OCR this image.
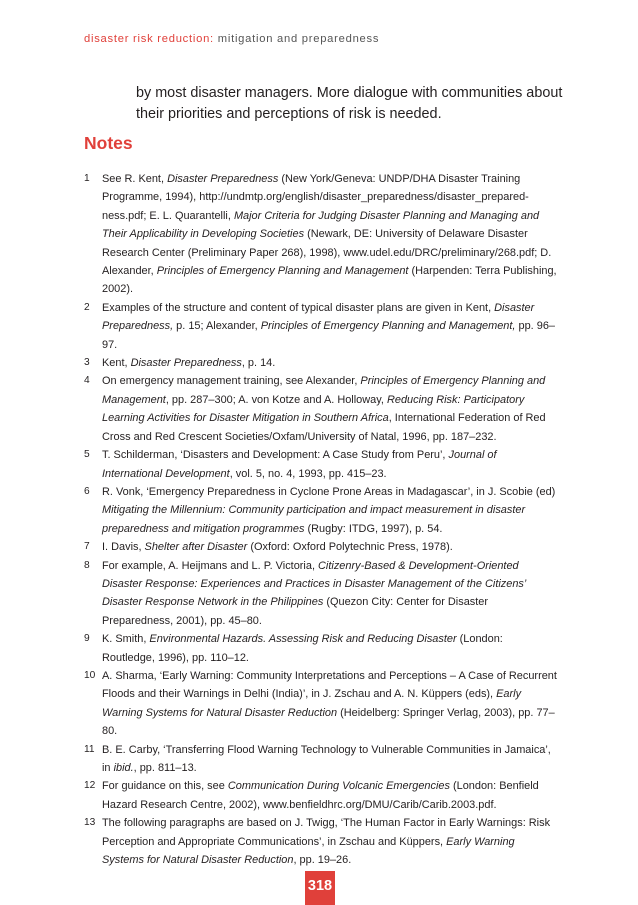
disaster risk reduction: mitigation and preparedness
by most disaster managers. More dialogue with communities about their priorities and perceptions of risk is needed.
Notes
1 See R. Kent, Disaster Preparedness (New York/Geneva: UNDP/DHA Disaster Training Programme, 1994), http://undmtp.org/english/disaster_preparedness/disaster_prepared-ness.pdf; E. L. Quarantelli, Major Criteria for Judging Disaster Planning and Managing and Their Applicability in Developing Societies (Newark, DE: University of Delaware Disaster Research Center (Preliminary Paper 268), 1998), www.udel.edu/DRC/preliminary/268.pdf; D. Alexander, Principles of Emergency Planning and Management (Harpenden: Terra Publishing, 2002).
2 Examples of the structure and content of typical disaster plans are given in Kent, Disaster Preparedness, p. 15; Alexander, Principles of Emergency Planning and Management, pp. 96–97.
3 Kent, Disaster Preparedness, p. 14.
4 On emergency management training, see Alexander, Principles of Emergency Planning and Management, pp. 287–300; A. von Kotze and A. Holloway, Reducing Risk: Participatory Learning Activities for Disaster Mitigation in Southern Africa, International Federation of Red Cross and Red Crescent Societies/Oxfam/University of Natal, 1996, pp. 187–232.
5 T. Schilderman, ‘Disasters and Development: A Case Study from Peru’, Journal of International Development, vol. 5, no. 4, 1993, pp. 415–23.
6 R. Vonk, ‘Emergency Preparedness in Cyclone Prone Areas in Madagascar’, in J. Scobie (ed) Mitigating the Millennium: Community participation and impact measurement in disaster preparedness and mitigation programmes (Rugby: ITDG, 1997), p. 54.
7 I. Davis, Shelter after Disaster (Oxford: Oxford Polytechnic Press, 1978).
8 For example, A. Heijmans and L. P. Victoria, Citizenry-Based & Development-Oriented Disaster Response: Experiences and Practices in Disaster Management of the Citizens’ Disaster Response Network in the Philippines (Quezon City: Center for Disaster Preparedness, 2001), pp. 45–80.
9 K. Smith, Environmental Hazards. Assessing Risk and Reducing Disaster (London: Routledge, 1996), pp. 110–12.
10 A. Sharma, ‘Early Warning: Community Interpretations and Perceptions – A Case of Recurrent Floods and their Warnings in Delhi (India)’, in J. Zschau and A. N. Küppers (eds), Early Warning Systems for Natural Disaster Reduction (Heidelberg: Springer Verlag, 2003), pp. 77–80.
11 B. E. Carby, ‘Transferring Flood Warning Technology to Vulnerable Communities in Jamaica’, in ibid., pp. 811–13.
12 For guidance on this, see Communication During Volcanic Emergencies (London: Benfield Hazard Research Centre, 2002), www.benfieldhrc.org/DMU/Carib/Carib.2003.pdf.
13 The following paragraphs are based on J. Twigg, ‘The Human Factor in Early Warnings: Risk Perception and Appropriate Communications’, in Zschau and Küppers, Early Warning Systems for Natural Disaster Reduction, pp. 19–26.
318
